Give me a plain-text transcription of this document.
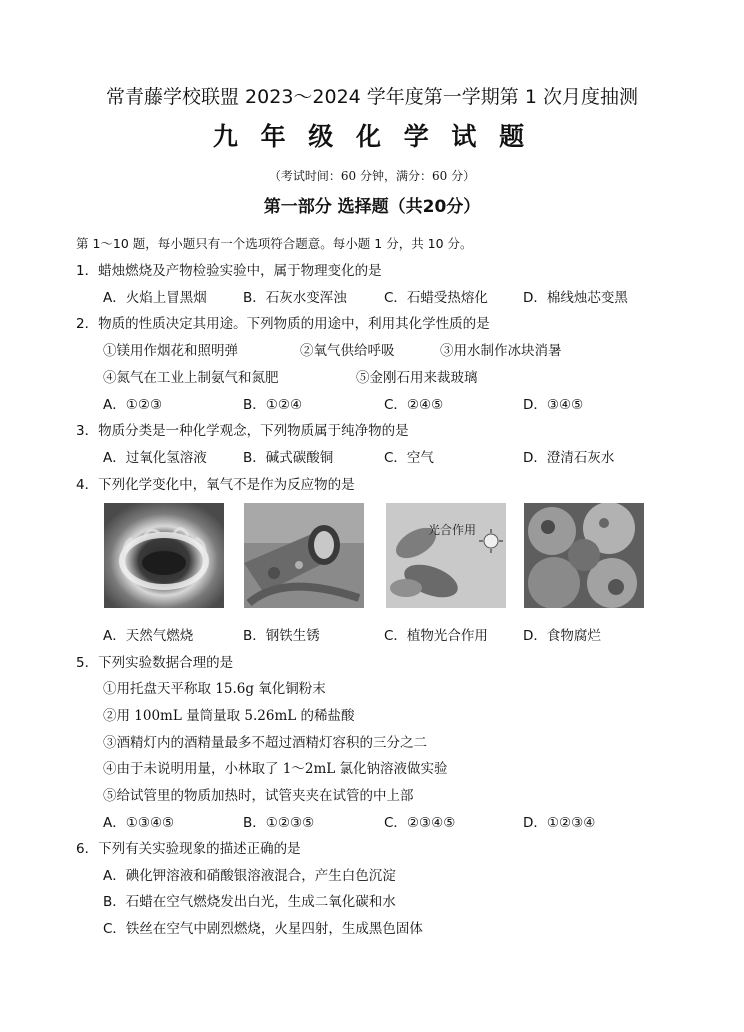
常青藤学校联盟 2023～2024 学年度第一学期第 1 次月度抽测
九 年 级 化 学 试 题
（考试时间：60 分钟，满分：60 分）
第一部分 选择题（共20分）
第 1～10 题，每小题只有一个选项符合题意。每小题 1 分，共 10 分。
1．蜡烛燃烧及产物检验实验中，属于物理变化的是
A．火焰上冒黑烟	B．石灰水变浑浊	C．石蜡受热熔化	D．棉线烛芯变黑
2．物质的性质决定其用途。下列物质的用途中，利用其化学性质的是
①镁用作烟花和照明弹	②氧气供给呼吸	③用水制作冰块消暑
④氮气在工业上制氨气和氮肥	⑤金刚石用来裁玻璃
A．①②③	B．①②④	C．②④⑤	D．③④⑤
3．物质分类是一种化学观念，下列物质属于纯净物的是
A．过氧化氢溶液	B．碱式碳酸铜	C．空气	D．澄清石灰水
4．下列化学变化中，氧气不是作为反应物的是
光合作用
A．天然气燃烧	B．钢铁生锈	C．植物光合作用	D．食物腐烂
5．下列实验数据合理的是
①用托盘天平称取 15.6g 氧化铜粉末
②用 100mL 量筒量取 5.26mL 的稀盐酸
③酒精灯内的酒精量最多不超过酒精灯容积的三分之二
④由于未说明用量，小林取了 1～2mL 氯化钠溶液做实验
⑤给试管里的物质加热时，试管夹夹在试管的中上部
A．①③④⑤	B．①②③⑤	C．②③④⑤	D．①②③④
6．下列有关实验现象的描述正确的是
A．碘化钾溶液和硝酸银溶液混合，产生白色沉淀
B．石蜡在空气燃烧发出白光，生成二氧化碳和水
C．铁丝在空气中剧烈燃烧，火星四射，生成黑色固体
